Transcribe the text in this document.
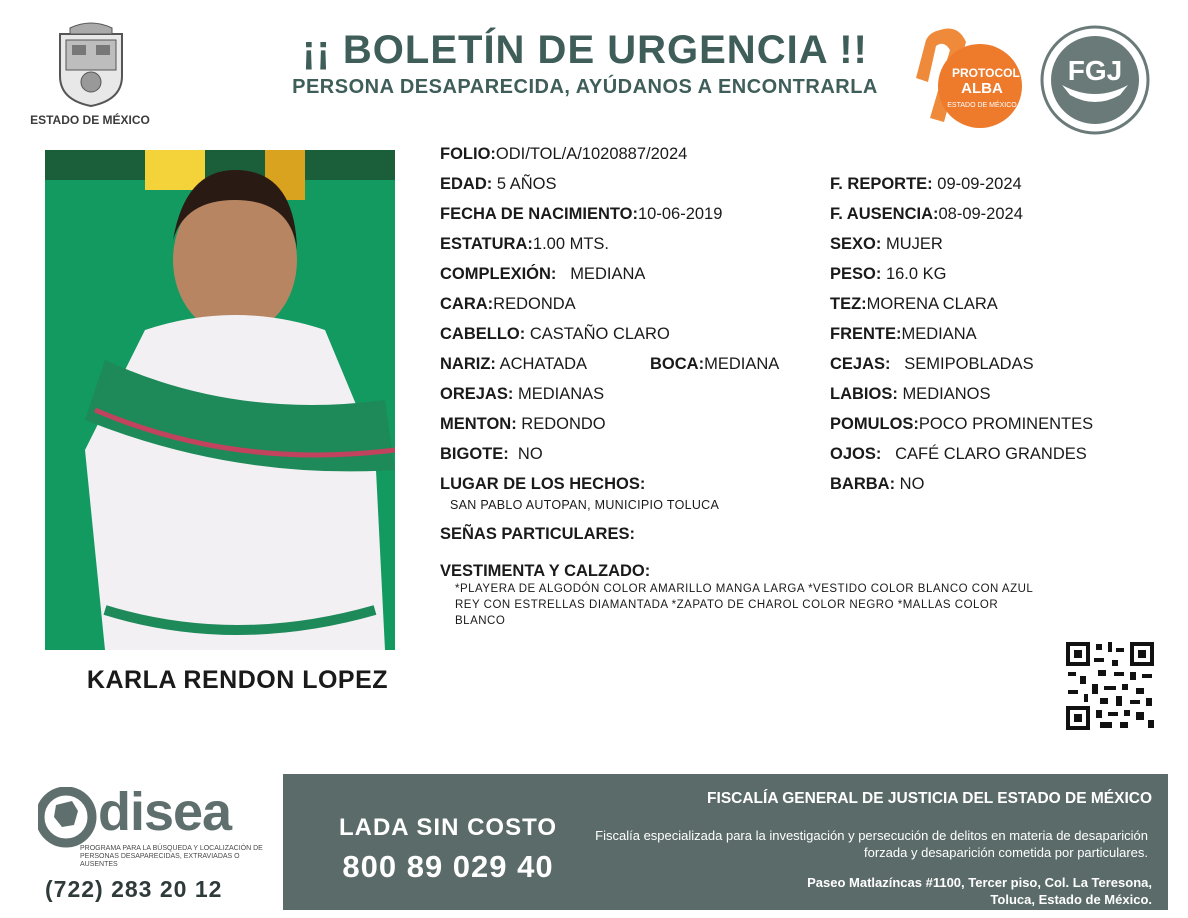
ESTADO DE MÉXICO
¡¡ BOLETÍN DE URGENCIA !!
PERSONA DESAPARECIDA, AYÚDANOS A ENCONTRARLA
PROTOCOLO
ALBA
ESTADO DE MÉXICO
FGJ
KARLA RENDON LOPEZ
FOLIO:ODI/TOL/A/1020887/2024
EDAD: 5 AÑOS
FECHA DE NACIMIENTO:10-06-2019
ESTATURA:1.00 MTS.
COMPLEXIÓN: MEDIANA
CARA:REDONDA
CABELLO: CASTAÑO CLARO
NARIZ: ACHATADA	BOCA:MEDIANA
OREJAS: MEDIANAS
MENTON: REDONDO
BIGOTE: NO
LUGAR DE LOS HECHOS:
SAN PABLO AUTOPAN, MUNICIPIO TOLUCA
SEÑAS PARTICULARES:
VESTIMENTA Y CALZADO:
*PLAYERA DE ALGODÓN COLOR AMARILLO MANGA LARGA *VESTIDO COLOR BLANCO CON AZUL REY CON ESTRELLAS DIAMANTADA *ZAPATO DE CHAROL COLOR NEGRO *MALLAS COLOR BLANCO
F. REPORTE: 09-09-2024
F. AUSENCIA:08-09-2024
SEXO: MUJER
PESO: 16.0 KG
TEZ:MORENA CLARA
FRENTE:MEDIANA
CEJAS: SEMIPOBLADAS
LABIOS: MEDIANOS
POMULOS:POCO PROMINENTES
OJOS: CAFÉ CLARO GRANDES
BARBA: NO
disea
PROGRAMA PARA LA BÚSQUEDA Y LOCALIZACIÓN DE PERSONAS DESAPARECIDAS, EXTRAVIADAS O AUSENTES
(722) 283 20 12
LADA SIN COSTO
800 89 029 40
FISCALÍA GENERAL DE JUSTICIA DEL ESTADO DE MÉXICO
Fiscalía especializada para la investigación y persecución de delitos en materia de desaparición forzada y desaparición cometida por particulares.
Paseo Matlazíncas #1100, Tercer piso, Col. La Teresona,
Toluca, Estado de México.
